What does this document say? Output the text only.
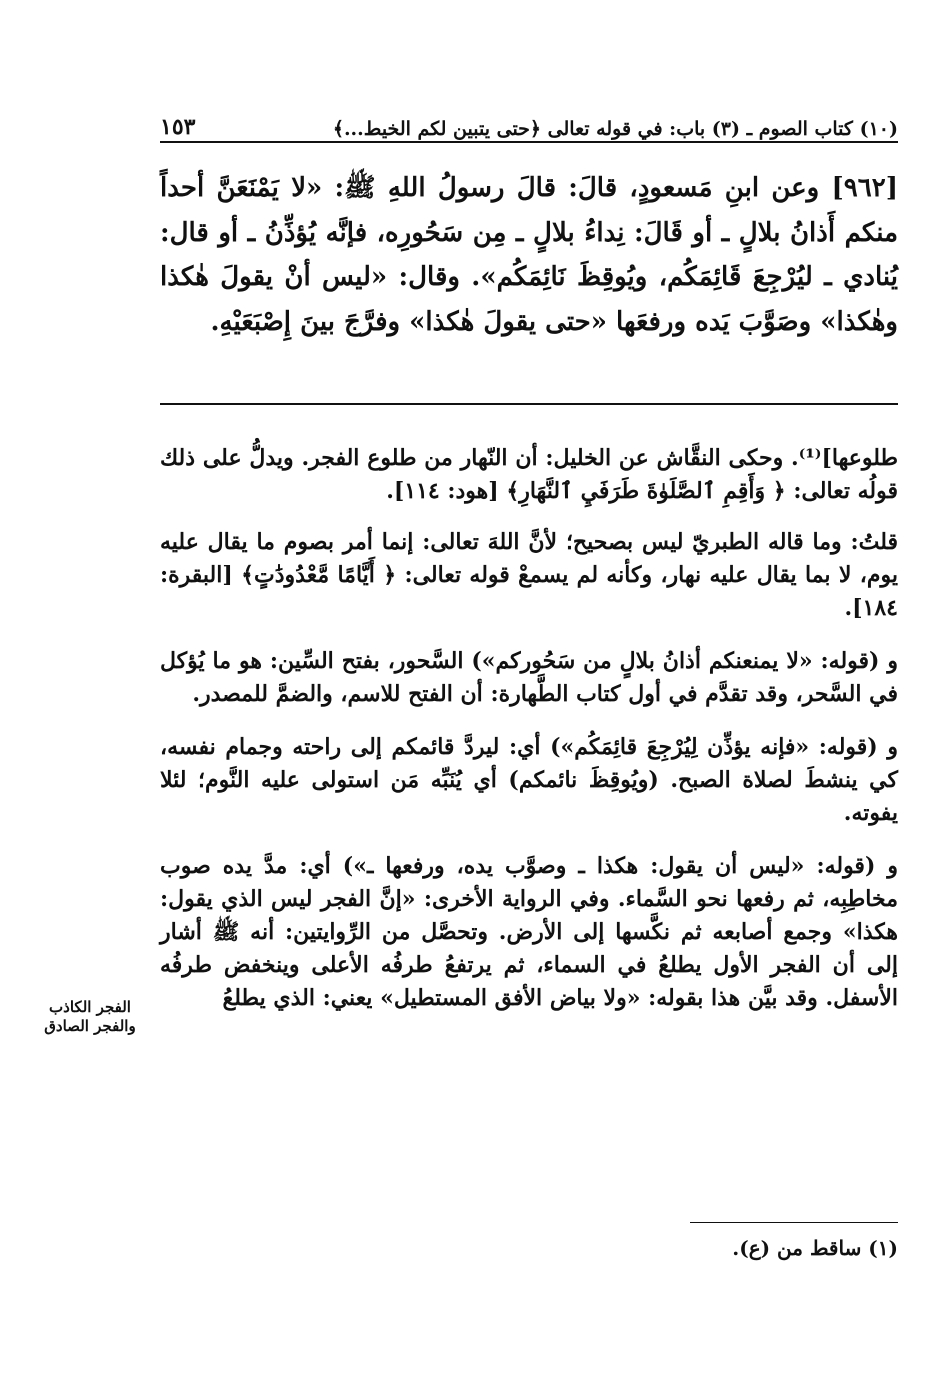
(١٠) كتاب الصوم ـ (٣) باب: في قوله تعالى ﴿حتى يتبين لكم الخيط...﴾
١٥٣
[٩٦٢] وعن ابنِ مَسعودٍ، قالَ: قالَ رسولُ اللهِ ﷺ: «لا يَمْنَعَنَّ أحداً منكم أَذانُ بلالٍ ـ أو قَالَ: نِداءُ بلالٍ ـ مِن سَحُورِه، فإنَّه يُؤذِّنُ ـ أو قال: يُنادي ـ ليُرْجِعَ قَائِمَكُم، ويُوقِظَ نَائِمَكُم». وقال: «ليس أنْ يقولَ هٰكذا وهٰكذا» وصَوَّبَ يَده ورفعَها «حتى يقولَ هٰكذا» وفرَّجَ بينَ إِصْبَعَيْهِ.

طلوعها]⁽¹⁾. وحكى النقَّاش عن الخليل: أن النّهار من طلوع الفجر. ويدلُّ على ذلك قولُه تعالى: ﴿ وَأَقِمِ ٱلصَّلَوٰةَ طَرَفَيِ ٱلنَّهَارِ﴾ [هود: ١١٤].

قلتُ: وما قاله الطبريّ ليس بصحيح؛ لأنَّ اللهَ تعالى: إنما أمر بصوم ما يقال عليه يوم، لا بما يقال عليه نهار، وكأنه لم يسمعْ قوله تعالى: ﴿ أَيَّامًا مَّعْدُودَٰتٍ﴾ [البقرة: ١٨٤].

و (قوله: «لا يمنعنكم أذانُ بلالٍ من سَحُوركم») السَّحور، بفتح السِّين: هو ما يُؤكل في السَّحر، وقد تقدَّم في أول كتاب الطَّهارة: أن الفتح للاسم، والضمَّ للمصدر.

و (قوله: «فإنه يؤذِّن لِيُرْجِعَ قائِمَكُم») أي: ليردَّ قائمكم إلى راحته وجمام نفسه، كي ينشطَ لصلاة الصبح. (ويُوقِظَ نائمكم) أي يُنَبِّه مَن استولى عليه النَّوم؛ لئلا يفوته.

و (قوله: «ليس أن يقول: هكذا ـ وصوَّب يده، ورفعها ـ») أي: مدَّ يده صوب مخاطِبِه، ثم رفعها نحو السَّماء. وفي الرواية الأخرى: «إنَّ الفجر ليس الذي يقول: هكذا» وجمع أصابعه ثم نكَّسها إلى الأرض. وتحصَّل من الرِّوايتين: أنه ﷺ أشار إلى أن الفجر الأول يطلعُ في السماء، ثم يرتفعُ طرفُه الأعلى وينخفض طرفُه الأسفل. وقد بيَّن هذا بقوله: «ولا بياض الأفق المستطيل» يعني: الذي يطلعُ

الفجر الكاذب والفجر الصادق
(١) ساقط من (ع).
